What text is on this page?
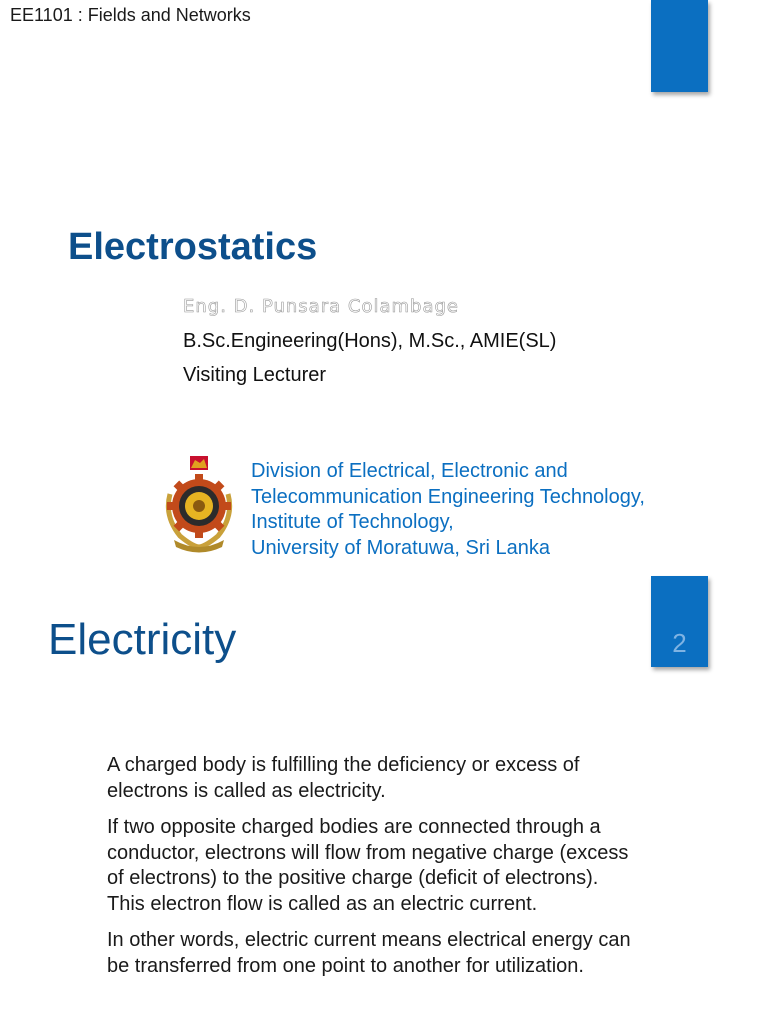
EE1101 : Fields and Networks
Electrostatics
Eng. D. Punsara Colambage
B.Sc.Engineering(Hons), M.Sc., AMIE(SL)
Visiting Lecturer
Division of Electrical, Electronic and
Telecommunication Engineering Technology,
Institute of Technology,
University of Moratuwa, Sri Lanka
Electricity	2

A charged body is fulfilling the deficiency or excess of electrons is called as electricity.

If two opposite charged bodies are connected through a conductor, electrons will flow from negative charge (excess of electrons) to the positive charge (deficit of electrons). This electron flow is called as an electric current.

In other words, electric current means electrical energy can be transferred from one point to another for utilization.
